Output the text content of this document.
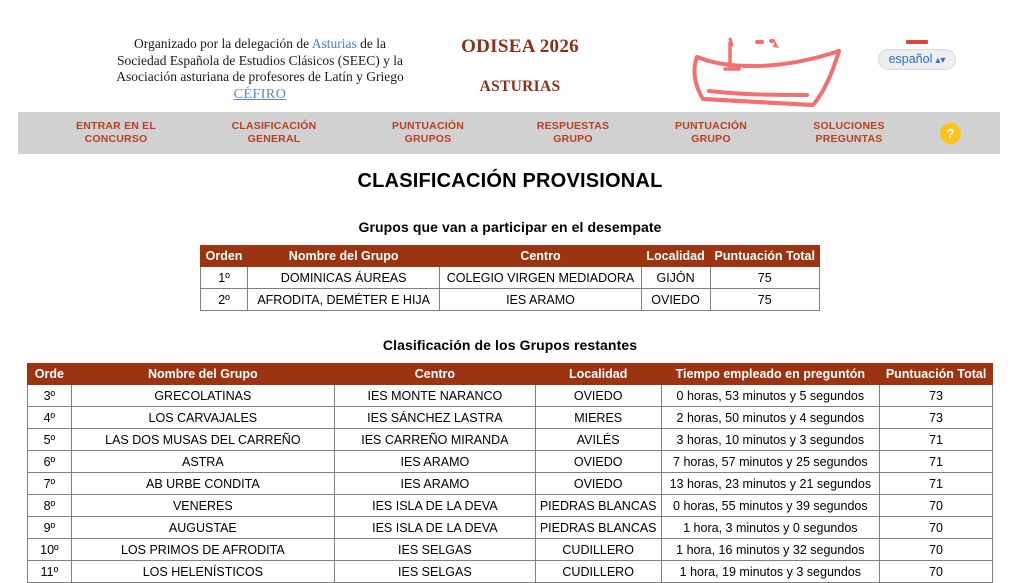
Organizado por la delegación de Asturias de la
Sociedad Española de Estudios Clásicos (SEEC) y la
Asociación asturiana de profesores de Latín y Griego
CÉFIRO
ODISEA 2026
ASTURIAS
español ▴▾
ENTRAR EN EL
CONCURSO
CLASIFICACIÓN
GENERAL
PUNTUACIÓN
GRUPOS
RESPUESTAS
GRUPO
PUNTUACIÓN
GRUPO
SOLUCIONES
PREGUNTAS	?
CLASIFICACIÓN PROVISIONAL
Grupos que van a participar en el desempate
Orden	Nombre del Grupo	Centro	Localidad	Puntuación Total
1º	DOMINICAS ÁUREAS	COLEGIO VIRGEN MEDIADORA	GIJÓN	75
2º	AFRODITA, DEMÉTER E HIJA	IES ARAMO	OVIEDO	75
Clasificación de los Grupos restantes
Orde	Nombre del Grupo	Centro	Localidad	Tiempo empleado en preguntón	Puntuación Total
3º	GRECOLATINAS	IES MONTE NARANCO	OVIEDO	0 horas, 53 minutos y 5 segundos	73
4º	LOS CARVAJALES	IES SÁNCHEZ LASTRA	MIERES	2 horas, 50 minutos y 4 segundos	73
5º	LAS DOS MUSAS DEL CARREÑO	IES CARREÑO MIRANDA	AVILÉS	3 horas, 10 minutos y 3 segundos	71
6º	ASTRA	IES ARAMO	OVIEDO	7 horas, 57 minutos y 25 segundos	71
7º	AB URBE CONDITA	IES ARAMO	OVIEDO	13 horas, 23 minutos y 21 segundos	71
8º	VENERES	IES ISLA DE LA DEVA	PIEDRAS BLANCAS	0 horas, 55 minutos y 39 segundos	70
9º	AUGUSTAE	IES ISLA DE LA DEVA	PIEDRAS BLANCAS	1 hora, 3 minutos y 0 segundos	70
10º	LOS PRIMOS DE AFRODITA	IES SELGAS	CUDILLERO	1 hora, 16 minutos y 32 segundos	70
11º	LOS HELENÍSTICOS	IES SELGAS	CUDILLERO	1 hora, 19 minutos y 3 segundos	70
